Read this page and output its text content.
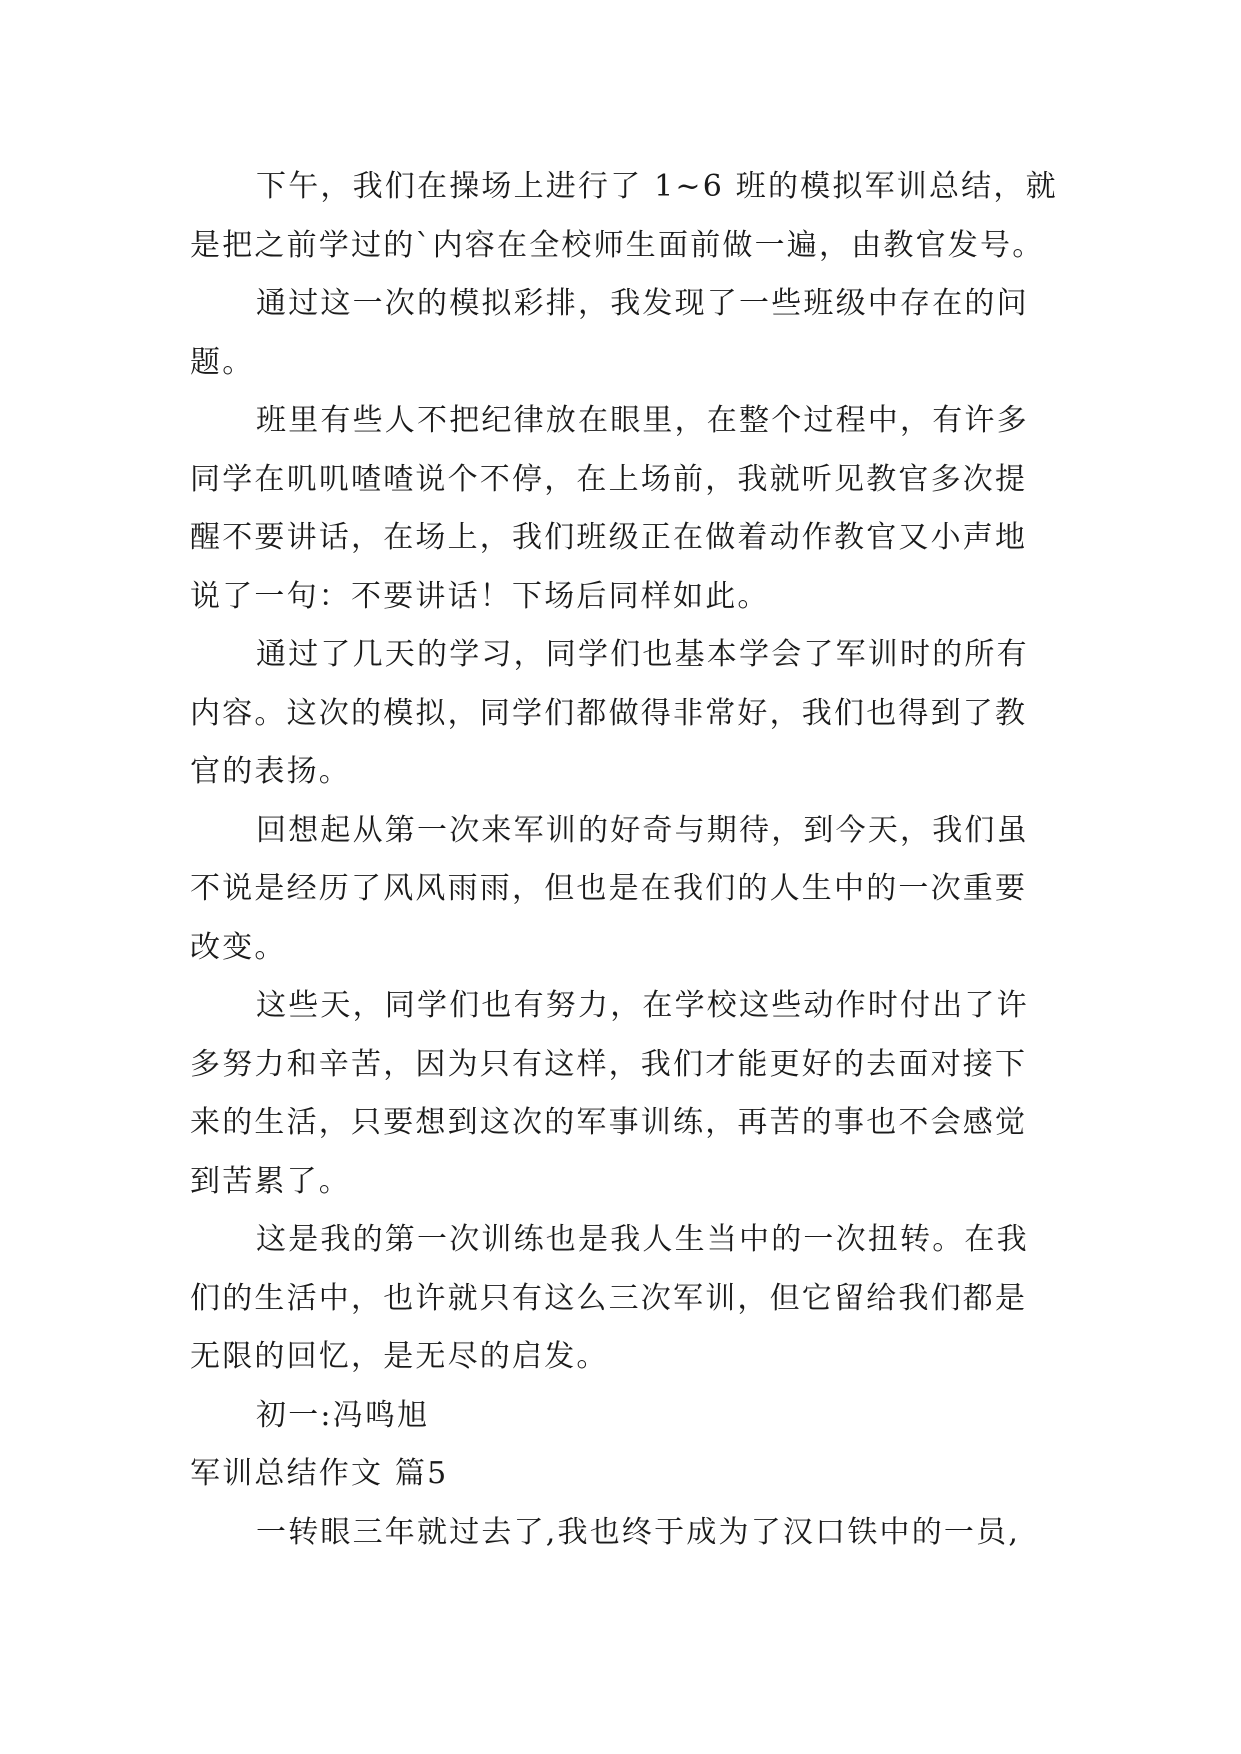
下午，我们在操场上进行了 1~6 班的模拟军训总结，就

是把之前学过的`内容在全校师生面前做一遍，由教官发号。

通过这一次的模拟彩排，我发现了一些班级中存在的问

题。

班里有些人不把纪律放在眼里，在整个过程中，有许多

同学在叽叽喳喳说个不停，在上场前，我就听见教官多次提

醒不要讲话，在场上，我们班级正在做着动作教官又小声地

说了一句：不要讲话！下场后同样如此。

通过了几天的学习，同学们也基本学会了军训时的所有

内容。这次的模拟，同学们都做得非常好，我们也得到了教

官的表扬。

回想起从第一次来军训的好奇与期待，到今天，我们虽

不说是经历了风风雨雨，但也是在我们的人生中的一次重要

改变。

这些天，同学们也有努力，在学校这些动作时付出了许

多努力和辛苦，因为只有这样，我们才能更好的去面对接下

来的生活，只要想到这次的军事训练，再苦的事也不会感觉

到苦累了。

这是我的第一次训练也是我人生当中的一次扭转。在我

们的生活中，也许就只有这么三次军训，但它留给我们都是

无限的回忆，是无尽的启发。

初一:冯鸣旭

军训总结作文 篇5

一转眼三年就过去了,我也终于成为了汉口铁中的一员,
